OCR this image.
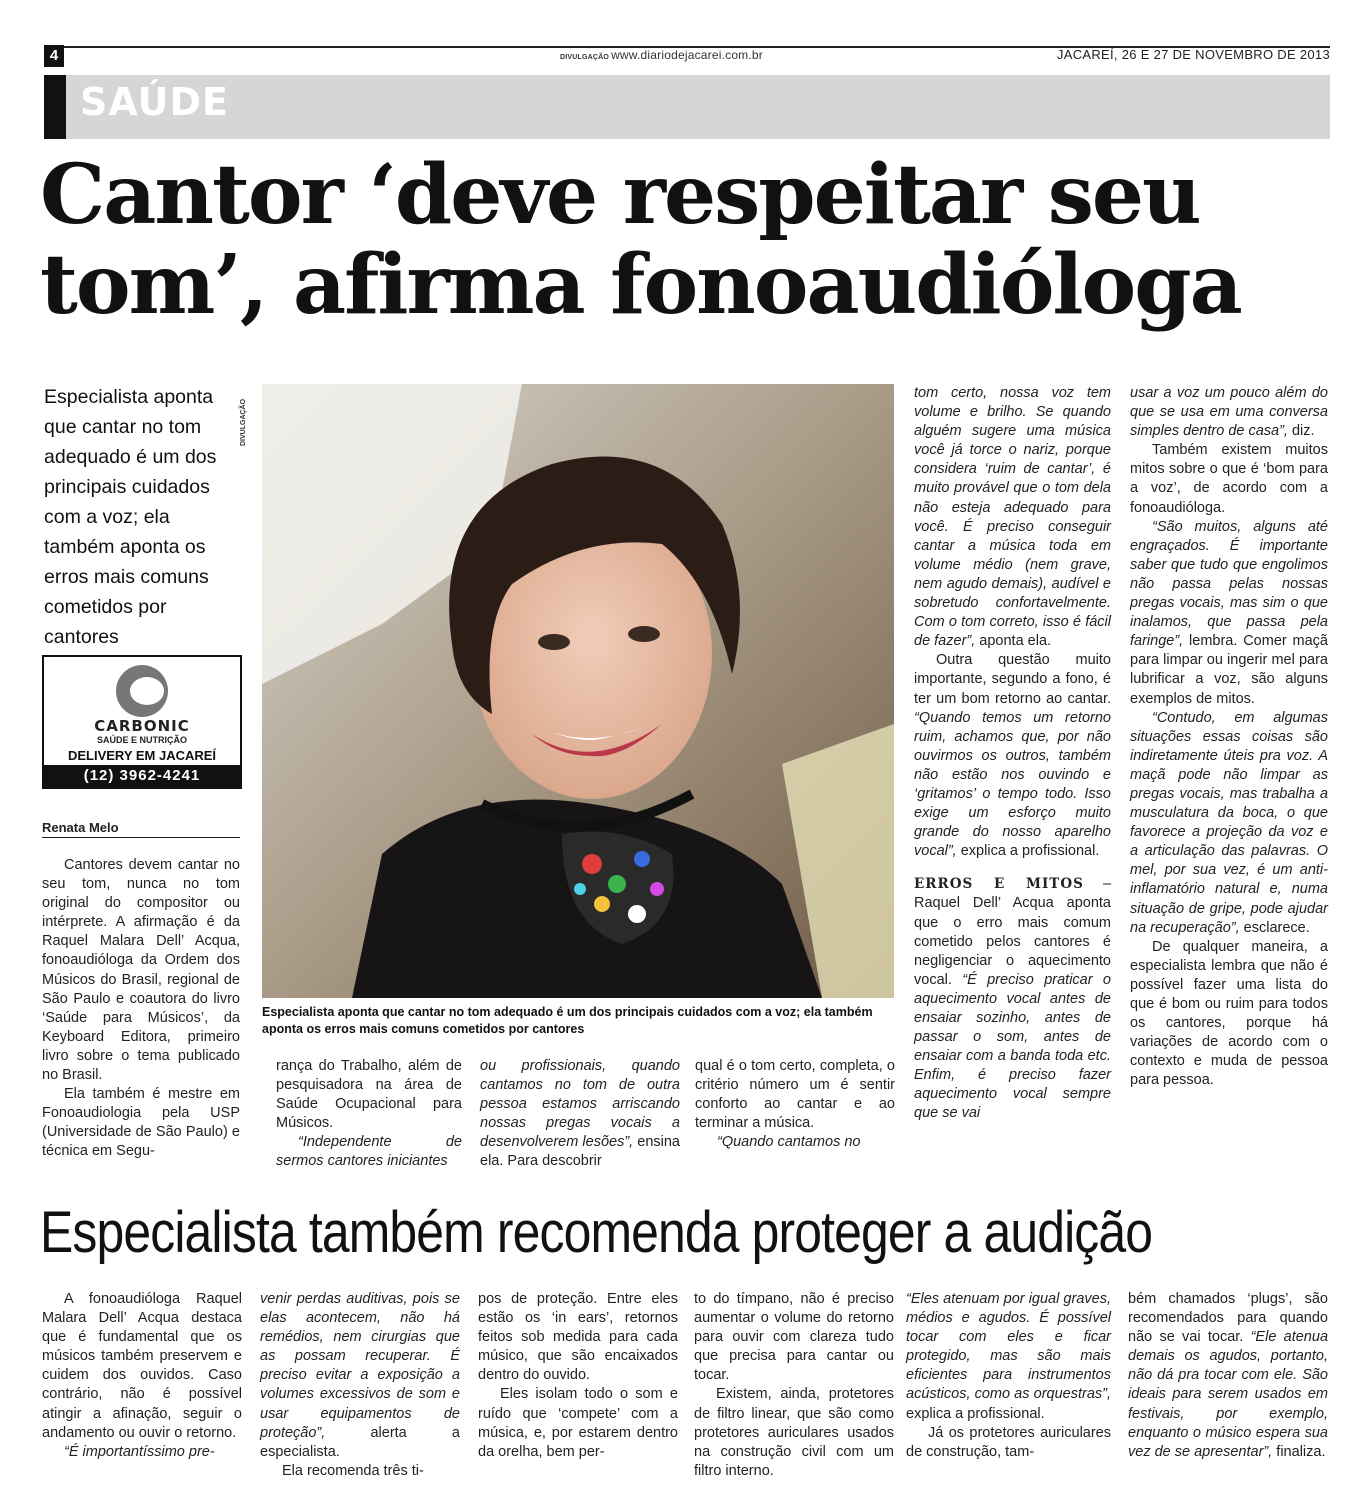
4	DIVULGAÇÃO www.diariodejacarei.com.br	JACAREÍ, 26 E 27 DE NOVEMBRO DE 2013
SAÚDE
Cantor ‘deve respeitar seu tom’, afirma fonoaudióloga
Especialista aponta que cantar no tom adequado é um dos principais cuidados com a voz; ela também aponta os erros mais comuns cometidos por cantores
CARBONIC
SAÚDE E NUTRIÇÃO
DELIVERY EM JACAREÍ
(12) 3962-4241
Renata Melo

Cantores devem cantar no seu tom, nunca no tom original do compositor ou intérprete. A afirmação é da Raquel Malara Dell’ Acqua, fonoaudióloga da Ordem dos Músicos do Brasil, regional de São Paulo e coautora do livro ‘Saúde para Músicos’, da Keyboard Editora, primeiro livro sobre o tema publicado no Brasil.

Ela também é mestre em Fonoaudiologia pela USP (Universidade de São Paulo) e técnica em Segu-

rança do Trabalho, além de pesquisadora na área de Saúde Ocupacional para Músicos.

“Independente de sermos cantores iniciantes

ou profissionais, quando cantamos no tom de outra pessoa estamos arriscando nossas pregas vocais a desenvolverem lesões”, ensina ela. Para descobrir

qual é o tom certo, completa, o critério número um é sentir conforto ao cantar e ao terminar a música.

“Quando cantamos no

DIVULGAÇÃO
Especialista aponta que cantar no tom adequado é um dos principais cuidados com a voz; ela também aponta os erros mais comuns cometidos por cantores

tom certo, nossa voz tem volume e brilho. Se quando alguém sugere uma música você já torce o nariz, porque considera ‘ruim de cantar’, é muito provável que o tom dela não esteja adequado para você. É preciso conseguir cantar a música toda em volume médio (nem grave, nem agudo demais), audível e sobretudo confortavelmente. Com o tom correto, isso é fácil de fazer”, aponta ela.

Outra questão muito importante, segundo a fono, é ter um bom retorno ao cantar. “Quando temos um retorno ruim, achamos que, por não ouvirmos os outros, também não estão nos ouvindo e ‘gritamos’ o tempo todo. Isso exige um esforço muito grande do nosso aparelho vocal”, explica a profissional.

ERROS E MITOS – Raquel Dell’ Acqua aponta que o erro mais comum cometido pelos cantores é negligenciar o aquecimento vocal. “É preciso praticar o aquecimento vocal antes de ensaiar sozinho, antes de passar o som, antes de ensaiar com a banda toda etc. Enfim, é preciso fazer aquecimento vocal sempre que se vai

usar a voz um pouco além do que se usa em uma conversa simples dentro de casa”, diz.

Também existem muitos mitos sobre o que é ‘bom para a voz’, de acordo com a fonoaudióloga.

“São muitos, alguns até engraçados. É importante saber que tudo que engolimos não passa pelas nossas pregas vocais, mas sim o que inalamos, que passa pela faringe”, lembra. Comer maçã para limpar ou ingerir mel para lubrificar a voz, são alguns exemplos de mitos.

“Contudo, em algumas situações essas coisas são indiretamente úteis pra voz. A maçã pode não limpar as pregas vocais, mas trabalha a musculatura da boca, o que favorece a projeção da voz e a articulação das palavras. O mel, por sua vez, é um anti-inflamatório natural e, numa situação de gripe, pode ajudar na recuperação”, esclarece.

De qualquer maneira, a especialista lembra que não é possível fazer uma lista do que é bom ou ruim para todos os cantores, porque há variações de acordo com o contexto e muda de pessoa para pessoa.

Especialista também recomenda proteger a audição

A fonoaudióloga Raquel Malara Dell’ Acqua destaca que é fundamental que os músicos também preservem e cuidem dos ouvidos. Caso contrário, não é possível atingir a afinação, seguir o andamento ou ouvir o retorno.

“É importantíssimo pre-

venir perdas auditivas, pois se elas acontecem, não há remédios, nem cirurgias que as possam recuperar. É preciso evitar a exposição a volumes excessivos de som e usar equipamentos de proteção”, alerta a especialista.

Ela recomenda três ti-

pos de proteção. Entre eles estão os ‘in ears’, retornos feitos sob medida para cada músico, que são encaixados dentro do ouvido.

Eles isolam todo o som e ruído que ‘compete’ com a música, e, por estarem dentro da orelha, bem per-

to do tímpano, não é preciso aumentar o volume do retorno para ouvir com clareza tudo que precisa para cantar ou tocar.

Existem, ainda, protetores de filtro linear, que são como protetores auriculares usados na construção civil com um filtro interno.

“Eles atenuam por igual graves, médios e agudos. É possível tocar com eles e ficar protegido, mas são mais eficientes para instrumentos acústicos, como as orquestras”, explica a profissional.

Já os protetores auriculares de construção, tam-

bém chamados ‘plugs’, são recomendados para quando não se vai tocar. “Ele atenua demais os agudos, portanto, não dá pra tocar com ele. São ideais para serem usados em festivais, por exemplo, enquanto o músico espera sua vez de se apresentar”, finaliza.
